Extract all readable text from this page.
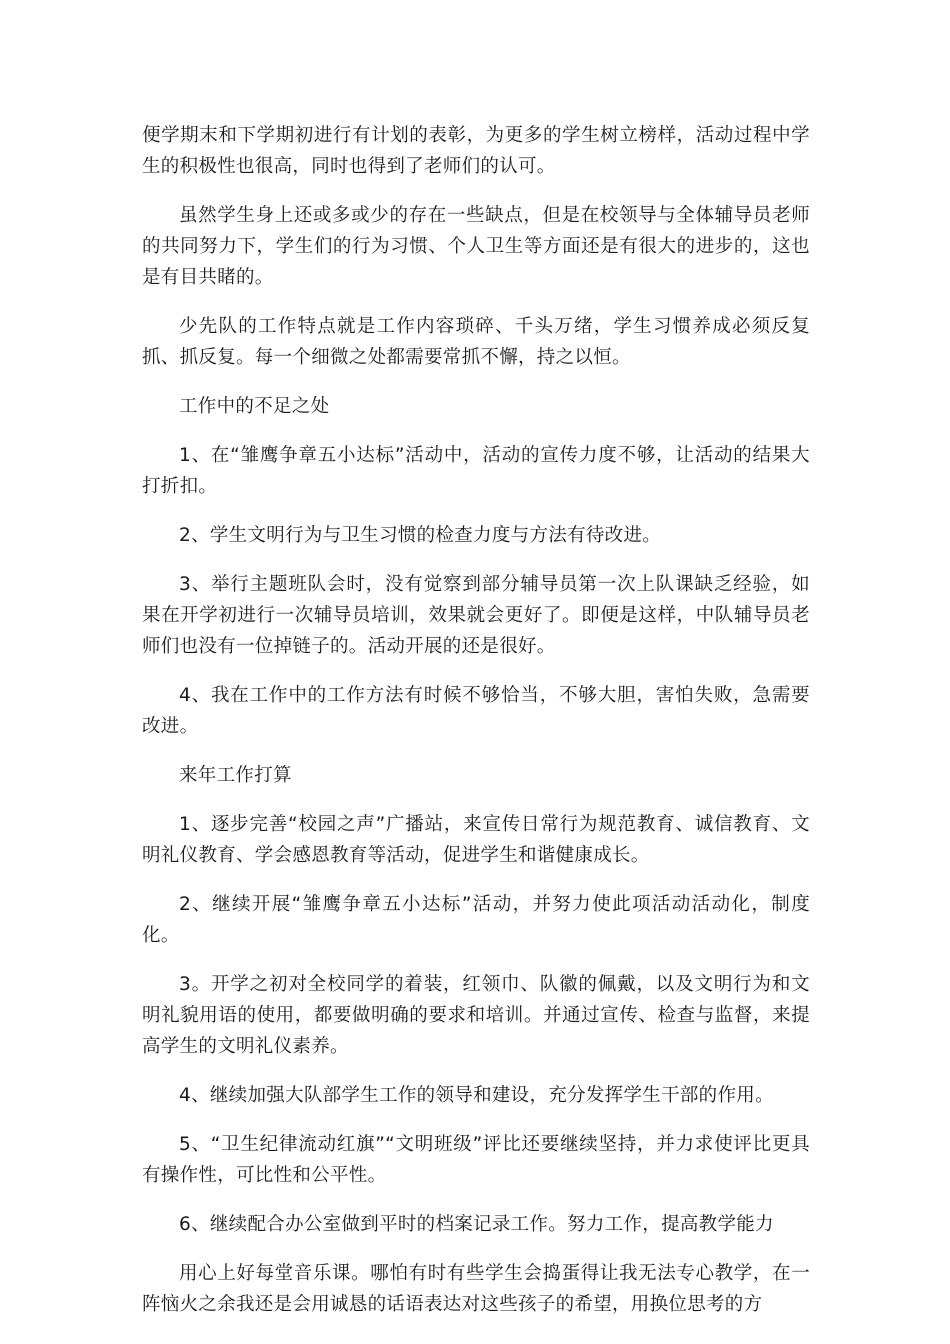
便学期末和下学期初进行有计划的表彰，为更多的学生树立榜样，活动过程中学生的积极性也很高，同时也得到了老师们的认可。

虽然学生身上还或多或少的存在一些缺点，但是在校领导与全体辅导员老师的共同努力下，学生们的行为习惯、个人卫生等方面还是有很大的进步的，这也是有目共睹的。

少先队的工作特点就是工作内容琐碎、千头万绪，学生习惯养成必须反复抓、抓反复。每一个细微之处都需要常抓不懈，持之以恒。

工作中的不足之处

1、在“雏鹰争章五小达标”活动中，活动的宣传力度不够，让活动的结果大打折扣。

2、学生文明行为与卫生习惯的检查力度与方法有待改进。

3、举行主题班队会时，没有觉察到部分辅导员第一次上队课缺乏经验，如果在开学初进行一次辅导员培训，效果就会更好了。即便是这样，中队辅导员老师们也没有一位掉链子的。活动开展的还是很好。

4、我在工作中的工作方法有时候不够恰当，不够大胆，害怕失败，急需要改进。

来年工作打算

1、逐步完善“校园之声”广播站，来宣传日常行为规范教育、诚信教育、文明礼仪教育、学会感恩教育等活动，促进学生和谐健康成长。

2、继续开展“雏鹰争章五小达标”活动，并努力使此项活动活动化，制度化。

3。开学之初对全校同学的着装，红领巾、队徽的佩戴，以及文明行为和文明礼貌用语的使用，都要做明确的要求和培训。并通过宣传、检查与监督，来提高学生的文明礼仪素养。

4、继续加强大队部学生工作的领导和建设，充分发挥学生干部的作用。

5、“卫生纪律流动红旗”“文明班级”评比还要继续坚持，并力求使评比更具有操作性，可比性和公平性。

6、继续配合办公室做到平时的档案记录工作。努力工作，提高教学能力

用心上好每堂音乐课。哪怕有时有些学生会捣蛋得让我无法专心教学，在一阵恼火之余我还是会用诚恳的话语表达对这些孩子的希望，用换位思考的方
